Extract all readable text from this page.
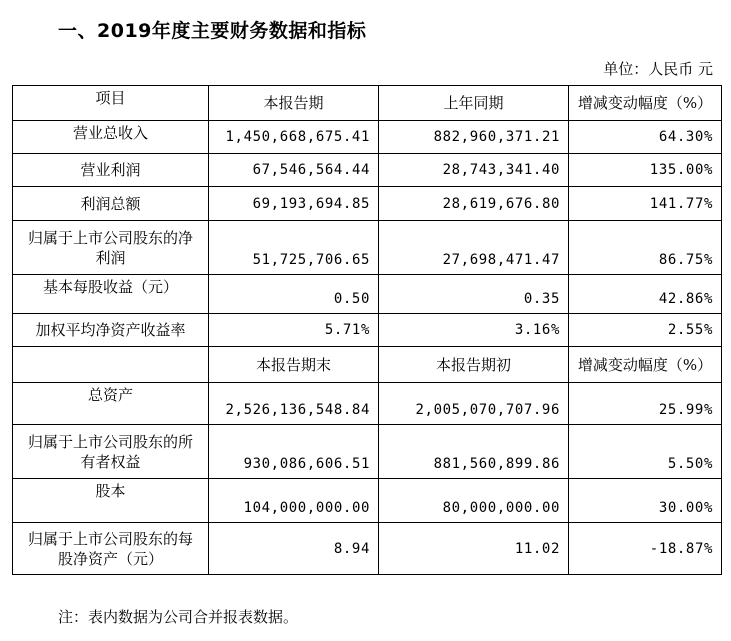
一、2019年度主要财务数据和指标
单位：人民币 元
项目	本报告期	上年同期	增减变动幅度（%）
营业总收入	1,450,668,675.41	882,960,371.21	64.30%
营业利润	67,546,564.44	28,743,341.40	135.00%
利润总额	69,193,694.85	28,619,676.80	141.77%
归属于上市公司股东的净利润	51,725,706.65	27,698,471.47	86.75%
基本每股收益（元）	0.50	0.35	42.86%
加权平均净资产收益率	5.71%	3.16%	2.55%
	本报告期末	本报告期初	增减变动幅度（%）
总资产	2,526,136,548.84	2,005,070,707.96	25.99%
归属于上市公司股东的所有者权益	930,086,606.51	881,560,899.86	5.50%
股本	104,000,000.00	80,000,000.00	30.00%
归属于上市公司股东的每股净资产（元）	8.94	11.02	-18.87%
注：表内数据为公司合并报表数据。
